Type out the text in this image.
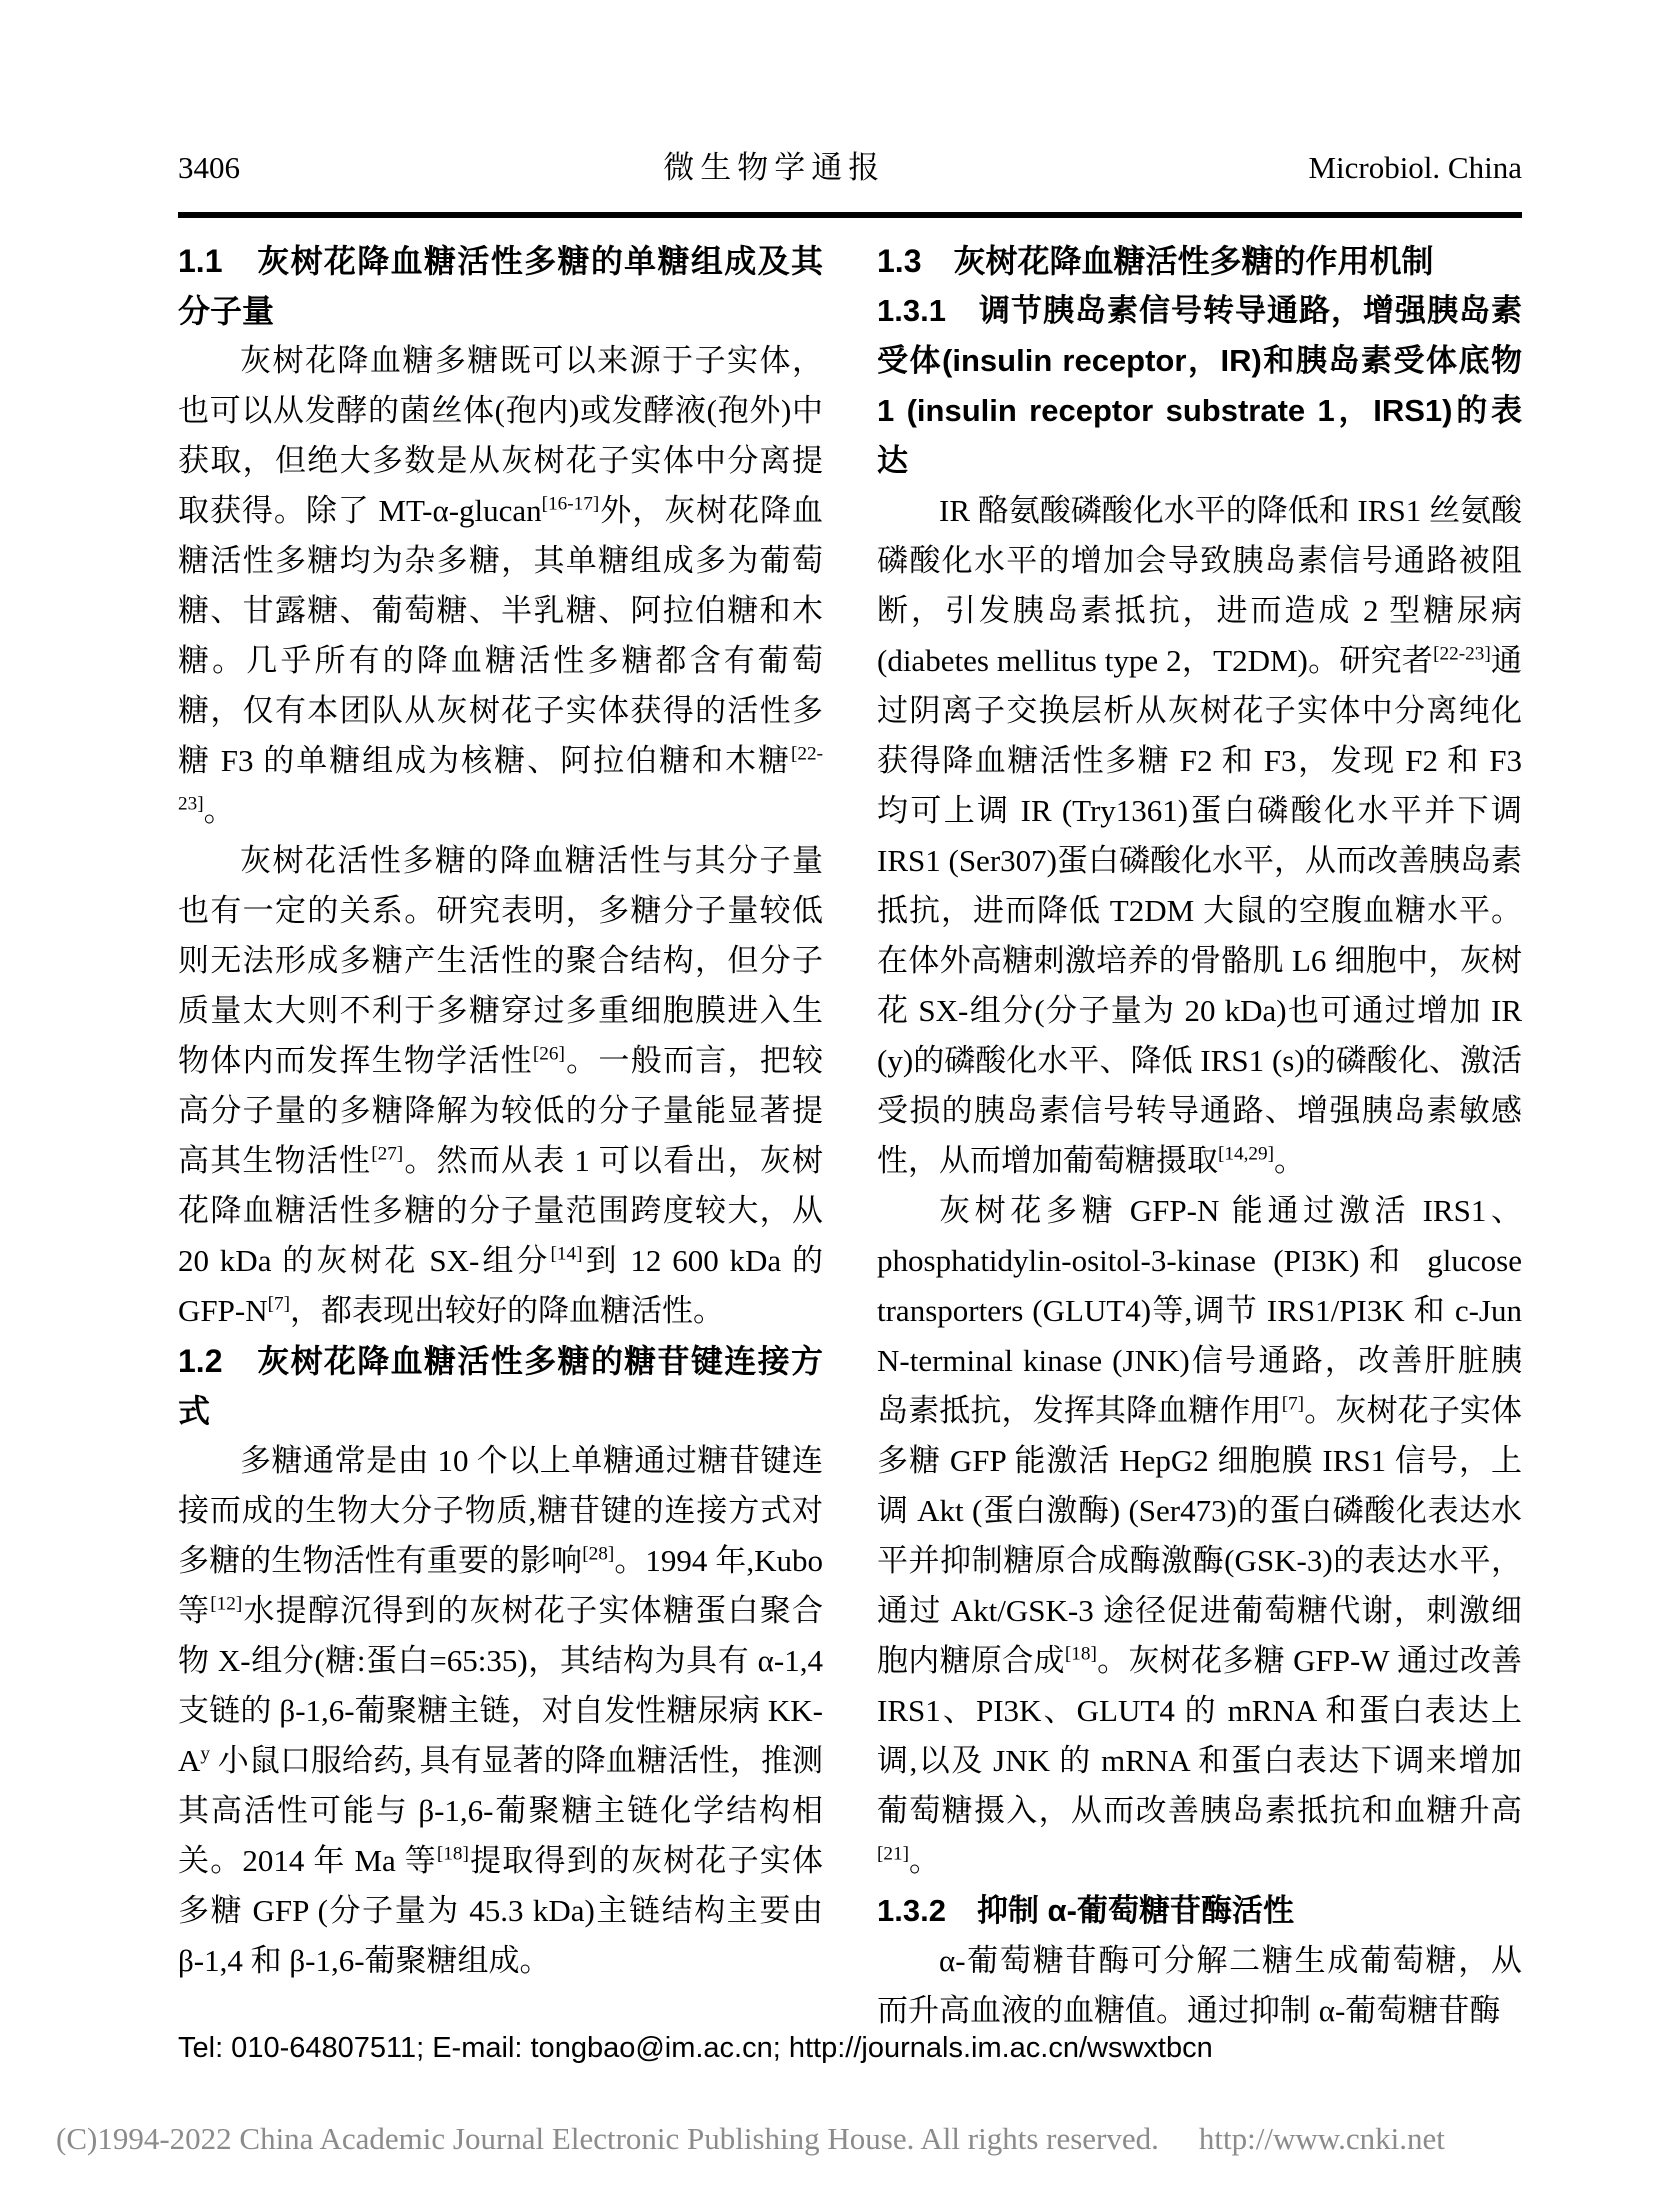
3406	微生物学通报	Microbiol. China
1.1　灰树花降血糖活性多糖的单糖组成及其分子量

灰树花降血糖多糖既可以来源于子实体，也可以从发酵的菌丝体(孢内)或发酵液(孢外)中获取，但绝大多数是从灰树花子实体中分离提取获得。除了 MT-α-glucan[16-17]外，灰树花降血糖活性多糖均为杂多糖，其单糖组成多为葡萄糖、甘露糖、葡萄糖、半乳糖、阿拉伯糖和木糖。几乎所有的降血糖活性多糖都含有葡萄糖，仅有本团队从灰树花子实体获得的活性多糖 F3 的单糖组成为核糖、阿拉伯糖和木糖[22-23]。

灰树花活性多糖的降血糖活性与其分子量也有一定的关系。研究表明，多糖分子量较低则无法形成多糖产生活性的聚合结构，但分子质量太大则不利于多糖穿过多重细胞膜进入生物体内而发挥生物学活性[26]。一般而言，把较高分子量的多糖降解为较低的分子量能显著提高其生物活性[27]。然而从表 1 可以看出，灰树花降血糖活性多糖的分子量范围跨度较大，从 20 kDa 的灰树花 SX-组分[14]到 12 600 kDa 的 GFP-N[7]，都表现出较好的降血糖活性。

1.2　灰树花降血糖活性多糖的糖苷键连接方式

多糖通常是由 10 个以上单糖通过糖苷键连接而成的生物大分子物质,糖苷键的连接方式对多糖的生物活性有重要的影响[28]。1994 年,Kubo 等[12]水提醇沉得到的灰树花子实体糖蛋白聚合物 X-组分(糖:蛋白=65:35)，其结构为具有 α-1,4 支链的 β-1,6-葡聚糖主链，对自发性糖尿病 $KK-A^y$ 小鼠口服给药, 具有显著的降血糖活性，推测其高活性可能与 β-1,6-葡聚糖主链化学结构相关。2014 年 Ma 等[18]提取得到的灰树花子实体多糖 GFP (分子量为 45.3 kDa)主链结构主要由 β-1,4 和 β-1,6-葡聚糖组成。

1.3　灰树花降血糖活性多糖的作用机制
1.3.1　调节胰岛素信号转导通路，增强胰岛素受体(insulin receptor，IR)和胰岛素受体底物 1 (insulin receptor substrate 1，IRS1)的表达

IR 酪氨酸磷酸化水平的降低和 IRS1 丝氨酸磷酸化水平的增加会导致胰岛素信号通路被阻断，引发胰岛素抵抗，进而造成 2 型糖尿病(diabetes mellitus type 2，T2DM)。研究者[22-23]通过阴离子交换层析从灰树花子实体中分离纯化获得降血糖活性多糖 F2 和 F3，发现 F2 和 F3 均可上调 IR (Try1361)蛋白磷酸化水平并下调 IRS1 (Ser307)蛋白磷酸化水平，从而改善胰岛素抵抗，进而降低 T2DM 大鼠的空腹血糖水平。在体外高糖刺激培养的骨骼肌 L6 细胞中，灰树花 SX-组分(分子量为 20 kDa)也可通过增加 IR (y)的磷酸化水平、降低 IRS1 (s)的磷酸化、激活受损的胰岛素信号转导通路、增强胰岛素敏感性，从而增加葡萄糖摄取[14,29]。

灰树花多糖 GFP-N 能通过激活 IRS1、phosphatidylin-ositol-3-kinase (PI3K)和 glucose transporters (GLUT4)等,调节 IRS1/PI3K 和 c-Jun N-terminal kinase (JNK)信号通路，改善肝脏胰岛素抵抗，发挥其降血糖作用[7]。灰树花子实体多糖 GFP 能激活 HepG2 细胞膜 IRS1 信号，上调 Akt (蛋白激酶) (Ser473)的蛋白磷酸化表达水平并抑制糖原合成酶激酶(GSK-3)的表达水平，通过 Akt/GSK-3 途径促进葡萄糖代谢，刺激细胞内糖原合成[18]。灰树花多糖 GFP-W 通过改善 IRS1、PI3K、GLUT4 的 mRNA 和蛋白表达上调,以及 JNK 的 mRNA 和蛋白表达下调来增加葡萄糖摄入，从而改善胰岛素抵抗和血糖升高[21]。

1.3.2　抑制 α-葡萄糖苷酶活性

α-葡萄糖苷酶可分解二糖生成葡萄糖，从而升高血液的血糖值。通过抑制 α-葡萄糖苷酶

Tel: 010-64807511; E-mail: tongbao@im.ac.cn; http://journals.im.ac.cn/wswxtbcn
(C)1994-2022 China Academic Journal Electronic Publishing House. All rights reserved. http://www.cnki.net
